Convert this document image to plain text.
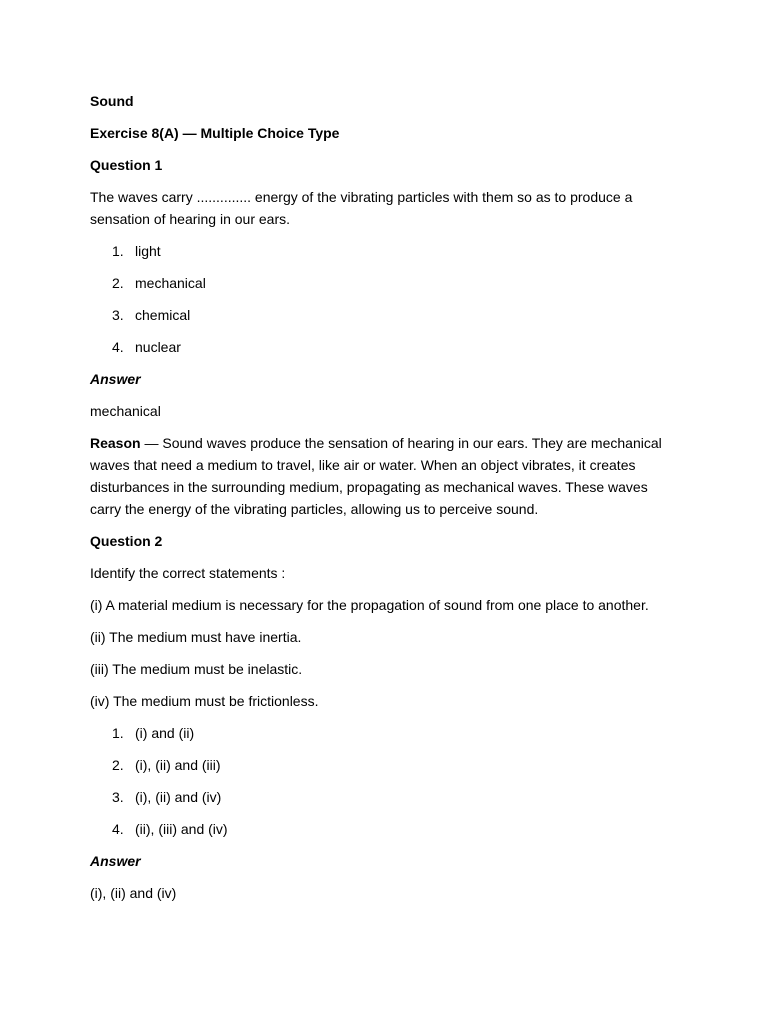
Sound
Exercise 8(A) — Multiple Choice Type
Question 1
The waves carry .............. energy of the vibrating particles with them so as to produce a sensation of hearing in our ears.
1. light
2. mechanical
3. chemical
4. nuclear
Answer
mechanical
Reason — Sound waves produce the sensation of hearing in our ears. They are mechanical waves that need a medium to travel, like air or water. When an object vibrates, it creates disturbances in the surrounding medium, propagating as mechanical waves. These waves carry the energy of the vibrating particles, allowing us to perceive sound.
Question 2
Identify the correct statements :
(i) A material medium is necessary for the propagation of sound from one place to another.
(ii) The medium must have inertia.
(iii) The medium must be inelastic.
(iv) The medium must be frictionless.
1. (i) and (ii)
2. (i), (ii) and (iii)
3. (i), (ii) and (iv)
4. (ii), (iii) and (iv)
Answer
(i), (ii) and (iv)
